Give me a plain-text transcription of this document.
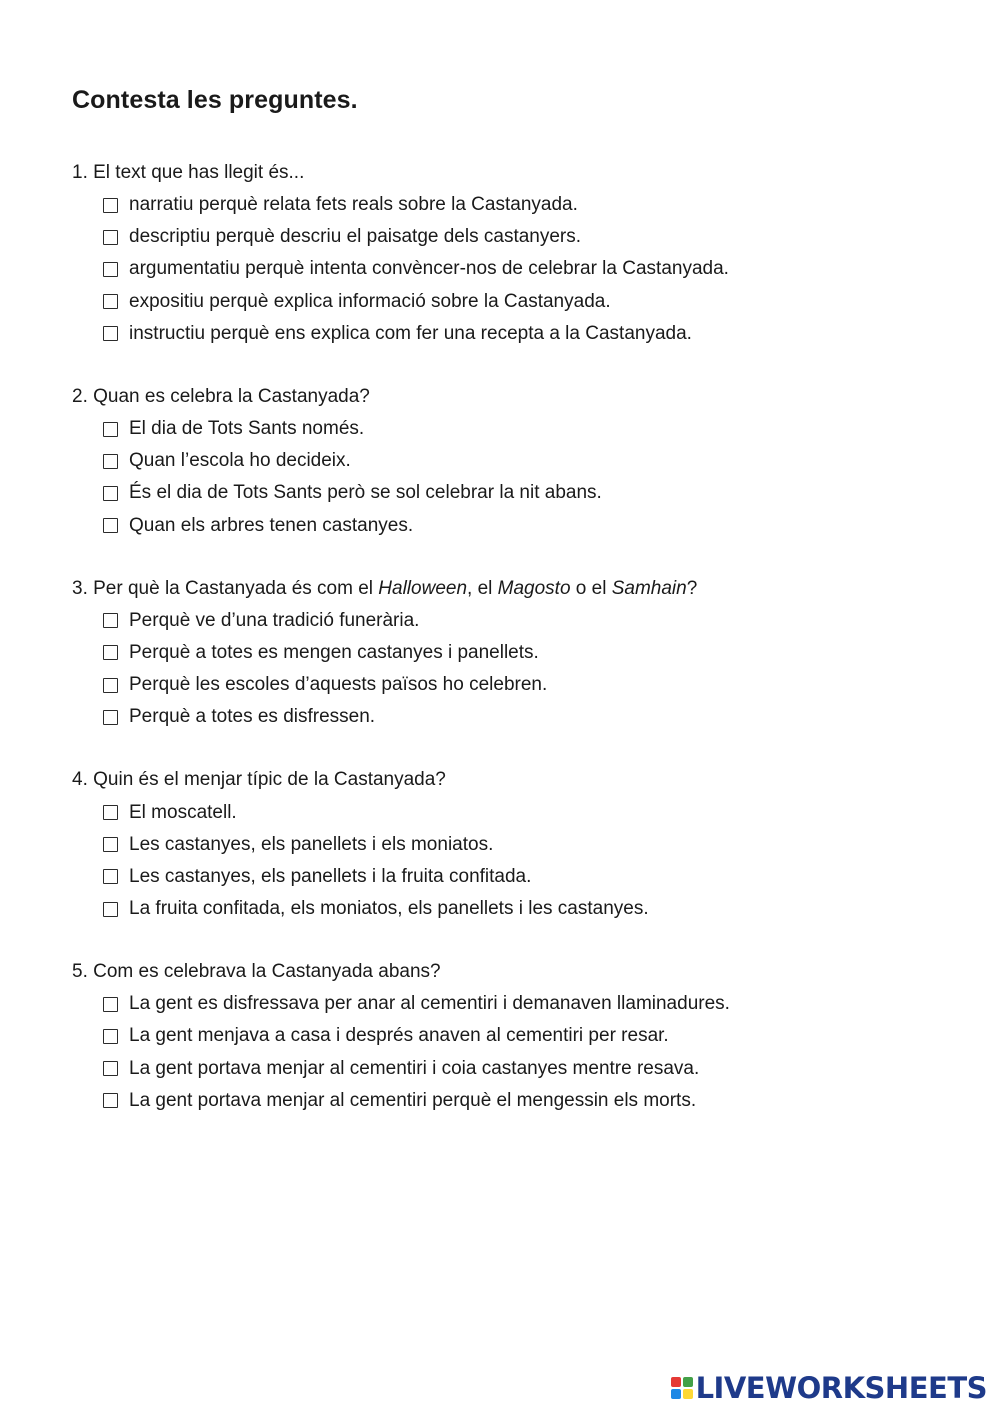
Contesta les preguntes.
1. El text que has llegit és...
narratiu perquè relata fets reals sobre la Castanyada.
descriptiu perquè descriu el paisatge dels castanyers.
argumentatiu perquè intenta convèncer-nos de celebrar la Castanyada.
expositiu perquè explica informació sobre la Castanyada.
instructiu perquè ens explica com fer una recepta a la Castanyada.
2. Quan es celebra la Castanyada?
El dia de Tots Sants només.
Quan l’escola ho decideix.
És el dia de Tots Sants però se sol celebrar la nit abans.
Quan els arbres tenen castanyes.
3. Per què la Castanyada és com el Halloween, el Magosto o el Samhain?
Perquè ve d’una tradició funerària.
Perquè a totes es mengen castanyes i panellets.
Perquè les escoles d’aquests països ho celebren.
Perquè a totes es disfressen.
4. Quin és el menjar típic de la Castanyada?
El moscatell.
Les castanyes, els panellets i els moniatos.
Les castanyes, els panellets i la fruita confitada.
La fruita confitada, els moniatos, els panellets i les castanyes.
5. Com es celebrava la Castanyada abans?
La gent es disfressava per anar al cementiri i demanaven llaminadures.
La gent menjava a casa i després anaven al cementiri per resar.
La gent portava menjar al cementiri i coia castanyes mentre resava.
La gent portava menjar al cementiri perquè el mengessin els morts.
LIVEWORKSHEETS
